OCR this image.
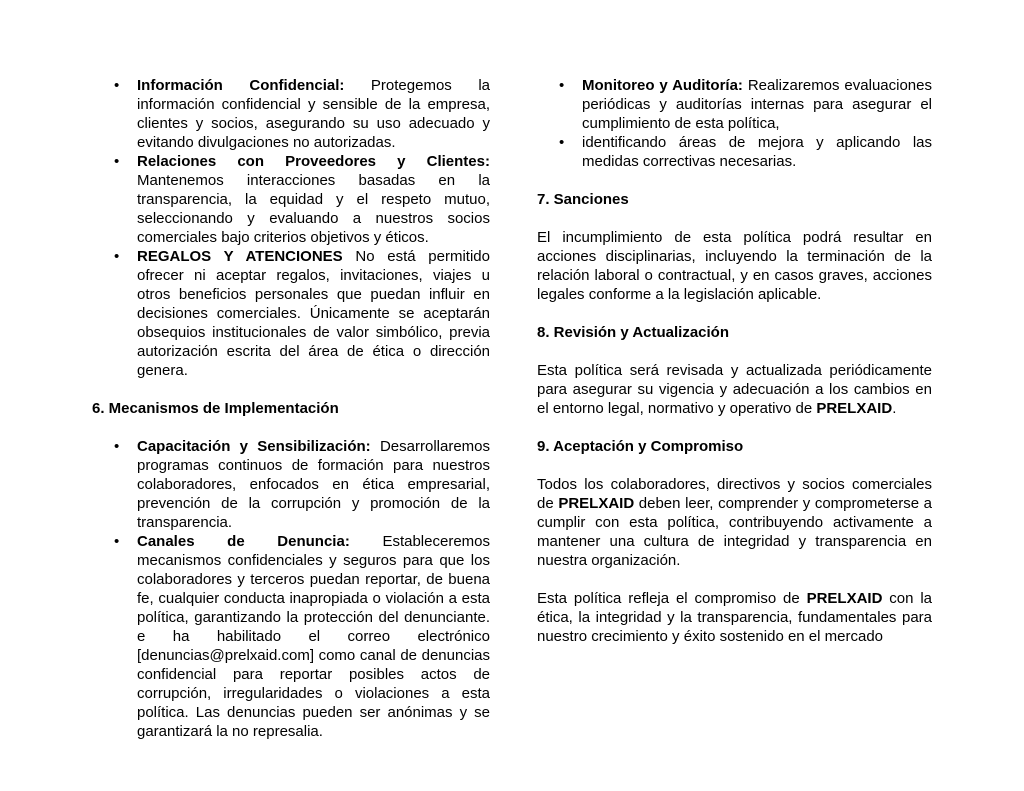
• Información Confidencial: Protegemos la información confidencial y sensible de la empresa, clientes y socios, asegurando su uso adecuado y evitando divulgaciones no autorizadas.
• Relaciones con Proveedores y Clientes: Mantenemos interacciones basadas en la transparencia, la equidad y el respeto mutuo, seleccionando y evaluando a nuestros socios comerciales bajo criterios objetivos y éticos.
• REGALOS Y ATENCIONES No está permitido ofrecer ni aceptar regalos, invitaciones, viajes u otros beneficios personales que puedan influir en decisiones comerciales. Únicamente se aceptarán obsequios institucionales de valor simbólico, previa autorización escrita del área de ética o dirección genera.
6. Mecanismos de Implementación
• Capacitación y Sensibilización: Desarrollaremos programas continuos de formación para nuestros colaboradores, enfocados en ética empresarial, prevención de la corrupción y promoción de la transparencia.
• Canales de Denuncia: Estableceremos mecanismos confidenciales y seguros para que los colaboradores y terceros puedan reportar, de buena fe, cualquier conducta inapropiada o violación a esta política, garantizando la protección del denunciante. e ha habilitado el correo electrónico [denuncias@prelxaid.com] como canal de denuncias confidencial para reportar posibles actos de corrupción, irregularidades o violaciones a esta política. Las denuncias pueden ser anónimas y se garantizará la no represalia.
• Monitoreo y Auditoría: Realizaremos evaluaciones periódicas y auditorías internas para asegurar el cumplimiento de esta política,
• identificando áreas de mejora y aplicando las medidas correctivas necesarias.
7. Sanciones

El incumplimiento de esta política podrá resultar en acciones disciplinarias, incluyendo la terminación de la relación laboral o contractual, y en casos graves, acciones legales conforme a la legislación aplicable.

8. Revisión y Actualización

Esta política será revisada y actualizada periódicamente para asegurar su vigencia y adecuación a los cambios en el entorno legal, normativo y operativo de PRELXAID.

9. Aceptación y Compromiso

Todos los colaboradores, directivos y socios comerciales de PRELXAID deben leer, comprender y comprometerse a cumplir con esta política, contribuyendo activamente a mantener una cultura de integridad y transparencia en nuestra organización.

Esta política refleja el compromiso de PRELXAID con la ética, la integridad y la transparencia, fundamentales para nuestro crecimiento y éxito sostenido en el mercado
